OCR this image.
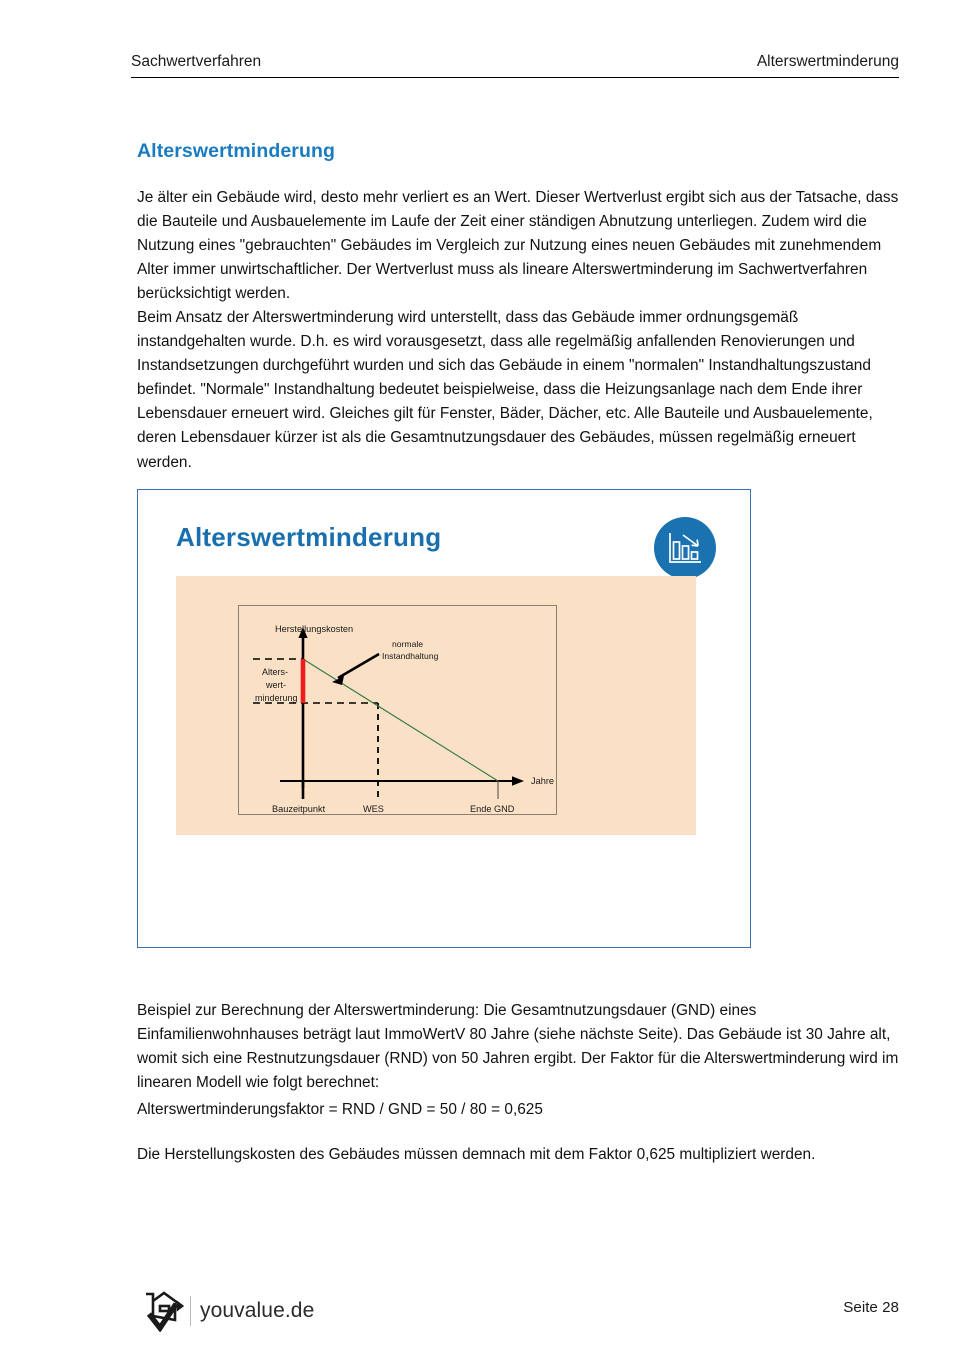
Sachwertverfahren	Alterswertminderung
Alterswertminderung
Je älter ein Gebäude wird, desto mehr verliert es an Wert. Dieser Wertverlust ergibt sich aus der Tatsache, dass die Bauteile und Ausbauelemente im Laufe der Zeit einer ständigen Abnutzung unterliegen. Zudem wird die Nutzung eines "gebrauchten" Gebäudes im Vergleich zur Nutzung eines neuen Gebäudes mit zunehmendem Alter immer unwirtschaftlicher. Der Wertverlust muss als lineare Alterswertminderung im Sachwertverfahren berücksichtigt werden.
Beim Ansatz der Alterswertminderung wird unterstellt, dass das Gebäude immer ordnungsgemäß instandgehalten wurde. D.h. es wird vorausgesetzt, dass alle regelmäßig anfallenden Renovierungen und Instandsetzungen durchgeführt wurden und sich das Gebäude in einem "normalen" Instandhaltungszustand befindet. "Normale" Instandhaltung bedeutet beispielweise, dass die Heizungsanlage nach dem Ende ihrer Lebensdauer erneuert wird. Gleiches gilt für Fenster, Bäder, Dächer, etc. Alle Bauteile und Ausbauelemente, deren Lebensdauer kürzer ist als die Gesamtnutzungsdauer des Gebäudes, müssen regelmäßig erneuert werden.
Alterswertminderung
Herstellungskosten
Jahre
normale
Instandhaltung
Alters-
wert-
minderung
Bauzeitpunkt	WES	Ende GND
Beispiel zur Berechnung der Alterswertminderung: Die Gesamtnutzungsdauer (GND) eines Einfamilienwohnhauses beträgt laut ImmoWertV 80 Jahre (siehe nächste Seite). Das Gebäude ist 30 Jahre alt, womit sich eine Restnutzungsdauer (RND) von 50 Jahren ergibt. Der Faktor für die Alterswertminderung wird im linearen Modell wie folgt berechnet:
Alterswertminderungsfaktor = RND / GND = 50 / 80 = 0,625
Die Herstellungskosten des Gebäudes müssen demnach mit dem Faktor 0,625 multipliziert werden.
youvalue.de	Seite 28
